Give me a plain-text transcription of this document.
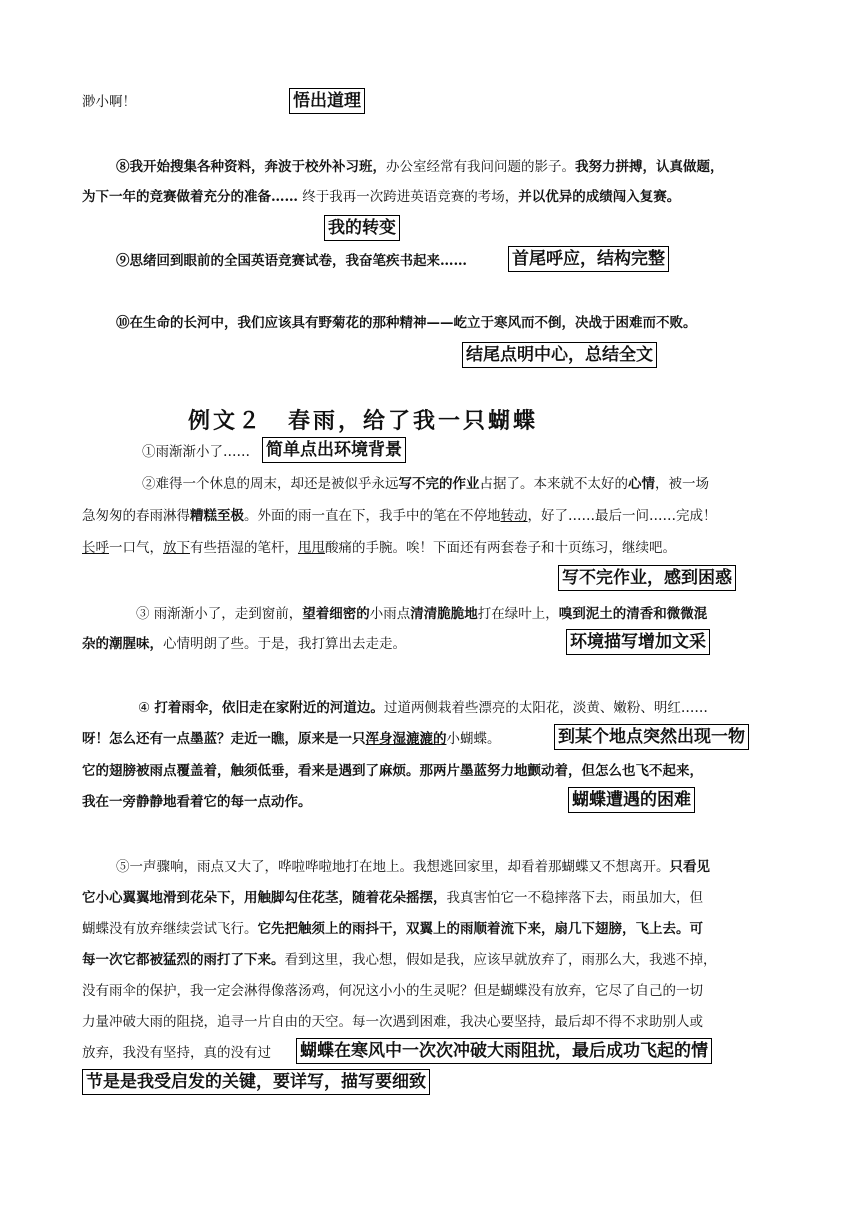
渺小啊！	悟出道理
⑧我开始搜集各种资料，奔波于校外补习班，办公室经常有我问问题的影子。我努力拼搏，认真做题，
为下一年的竞赛做着充分的准备…… 终于我再一次跨进英语竞赛的考场，并以优异的成绩闯入复赛。
我的转变
⑨思绪回到眼前的全国英语竞赛试卷，我奋笔疾书起来……	首尾呼应，结构完整
⑩在生命的长河中，我们应该具有野菊花的那种精神——屹立于寒风而不倒，决战于困难而不败。
结尾点明中心，总结全文
例文２　春雨，给了我一只蝴蝶
①雨渐渐小了…… 简单点出环境背景
②难得一个休息的周末，却还是被似乎永远写不完的作业占据了。本来就不太好的心情，被一场
急匆匆的春雨淋得糟糕至极。外面的雨一直在下，我手中的笔在不停地转动，好了……最后一问……完成！
长呼一口气，放下有些捂湿的笔杆，甩甩酸痛的手腕。唉！下面还有两套卷子和十页练习，继续吧。
写不完作业，感到困惑
③ 雨渐渐小了，走到窗前，望着细密的小雨点清清脆脆地打在绿叶上，嗅到泥土的清香和微微混
杂的潮腥味，心情明朗了些。于是，我打算出去走走。	环境描写增加文采
④ 打着雨伞，依旧走在家附近的河道边。过道两侧栽着些漂亮的太阳花，淡黄、嫩粉、明红……
呀！怎么还有一点墨蓝？走近一瞧，原来是一只浑身湿漉漉的小蝴蝶。	到某个地点突然出现一物
它的翅膀被雨点覆盖着，触须低垂，看来是遇到了麻烦。那两片墨蓝努力地颤动着，但怎么也飞不起来，
我在一旁静静地看着它的每一点动作。	蝴蝶遭遇的困难
⑤一声骤响，雨点又大了，哗啦哗啦地打在地上。我想逃回家里，却看着那蝴蝶又不想离开。只看见
它小心翼翼地滑到花朵下，用触脚勾住花茎，随着花朵摇摆，我真害怕它一不稳摔落下去，雨虽加大，但
蝴蝶没有放弃继续尝试飞行。它先把触须上的雨抖干，双翼上的雨顺着流下来，扇几下翅膀，飞上去。可
每一次它都被猛烈的雨打了下来。看到这里，我心想，假如是我，应该早就放弃了，雨那么大，我逃不掉，
没有雨伞的保护，我一定会淋得像落汤鸡，何况这小小的生灵呢？但是蝴蝶没有放弃，它尽了自己的一切
力量冲破大雨的阻挠，追寻一片自由的天空。每一次遇到困难，我决心要坚持，最后却不得不求助别人或
放弃，我没有坚持，真的没有过 蝴蝶在寒风中一次次冲破大雨阻扰，最后成功飞起的情
节是是我受启发的关键，要详写，描写要细致
